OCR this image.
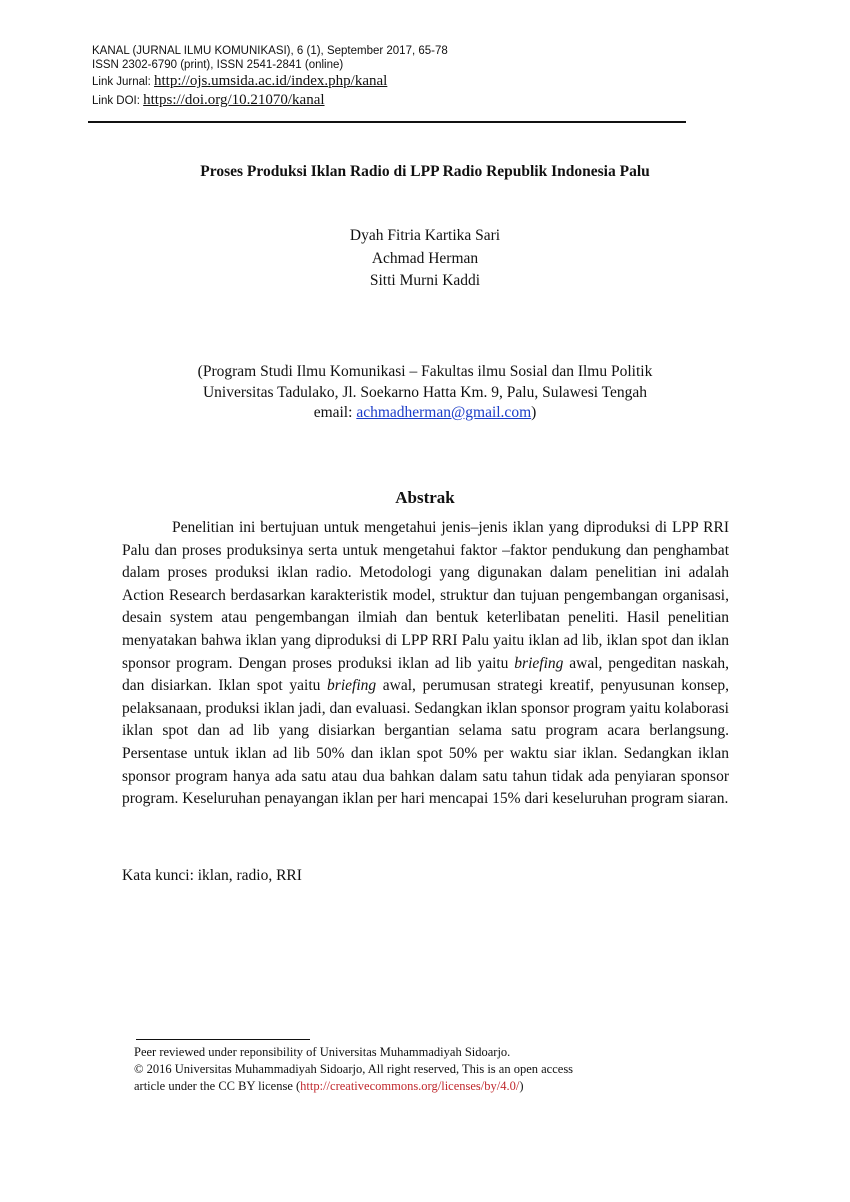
KANAL (JURNAL ILMU KOMUNIKASI), 6 (1), September 2017, 65-78
ISSN 2302-6790 (print), ISSN 2541-2841 (online)
Link Jurnal: http://ojs.umsida.ac.id/index.php/kanal
Link DOI: https://doi.org/10.21070/kanal
Proses Produksi Iklan Radio di LPP Radio Republik Indonesia Palu
Dyah Fitria Kartika Sari
Achmad Herman
Sitti Murni Kaddi
(Program Studi Ilmu Komunikasi – Fakultas ilmu Sosial dan Ilmu Politik
Universitas Tadulako, Jl. Soekarno Hatta Km. 9, Palu, Sulawesi Tengah
email: achmadherman@gmail.com)
Abstrak

Penelitian ini bertujuan untuk mengetahui jenis–jenis iklan yang diproduksi di LPP RRI Palu dan proses produksinya serta untuk mengetahui faktor –faktor pendukung dan penghambat dalam proses produksi iklan radio. Metodologi yang digunakan dalam penelitian ini adalah Action Research berdasarkan karakteristik model, struktur dan tujuan pengembangan organisasi, desain system atau pengembangan ilmiah dan bentuk keterlibatan peneliti. Hasil penelitian menyatakan bahwa iklan yang diproduksi di LPP RRI Palu yaitu iklan ad lib, iklan spot dan iklan sponsor program. Dengan proses produksi iklan ad lib yaitu briefing awal, pengeditan naskah, dan disiarkan. Iklan spot yaitu briefing awal, perumusan strategi kreatif, penyusunan konsep, pelaksanaan, produksi iklan jadi, dan evaluasi. Sedangkan iklan sponsor program yaitu kolaborasi iklan spot dan ad lib yang disiarkan bergantian selama satu program acara berlangsung. Persentase untuk iklan ad lib 50% dan iklan spot 50% per waktu siar iklan. Sedangkan iklan sponsor program hanya ada satu atau dua bahkan dalam satu tahun tidak ada penyiaran sponsor program. Keseluruhan penayangan iklan per hari mencapai 15% dari keseluruhan program siaran.

Kata kunci: iklan, radio, RRI
Peer reviewed under reponsibility of Universitas Muhammadiyah Sidoarjo.
© 2016 Universitas Muhammadiyah Sidoarjo, All right reserved, This is an open access
article under the CC BY license (http://creativecommons.org/licenses/by/4.0/)
